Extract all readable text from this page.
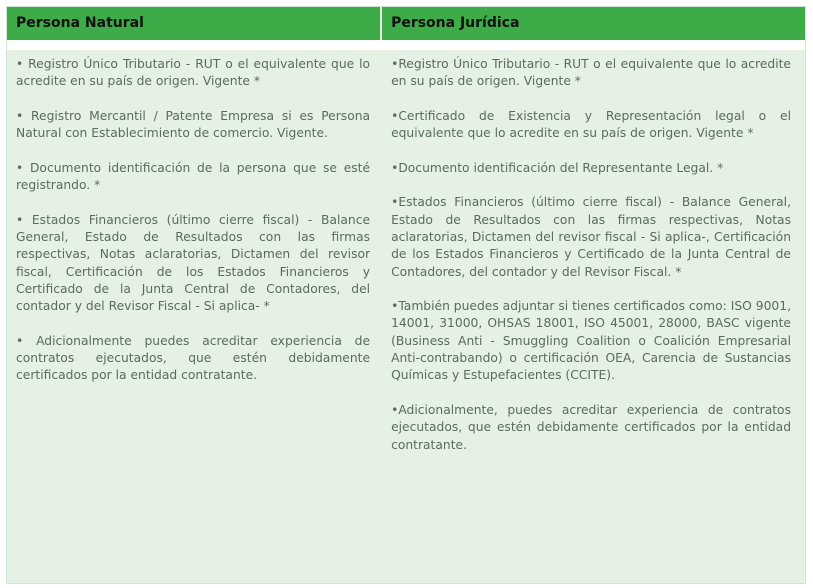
Persona Natural	Persona Jurídica

• Registro Único Tributario - RUT o el equivalente que lo acredite en su país de origen. Vigente *

• Registro Mercantil / Patente Empresa si es Persona Natural con Establecimiento de comercio. Vigente.

• Documento identificación de la persona que se esté registrando. *

• Estados Financieros (último cierre fiscal) - Balance General, Estado de Resultados con las firmas respectivas, Notas aclaratorias, Dictamen del revisor fiscal, Certificación de los Estados Financieros y Certificado de la Junta Central de Contadores, del contador y del Revisor Fiscal - Si aplica- *

• Adicionalmente puedes acreditar experiencia de contratos ejecutados, que estén debidamente certificados por la entidad contratante.

•Registro Único Tributario - RUT o el equivalente que lo acredite en su país de origen. Vigente *

•Certificado de Existencia y Representación legal o el equivalente que lo acredite en su país de origen. Vigente *

•Documento identificación del Representante Legal. *

•Estados Financieros (último cierre fiscal) - Balance General, Estado de Resultados con las firmas respectivas, Notas aclaratorias, Dictamen del revisor fiscal - Si aplica-, Certificación de los Estados Financieros y Certificado de la Junta Central de Contadores, del contador y del Revisor Fiscal. *

•También puedes adjuntar si tienes certificados como: ISO 9001, 14001, 31000, OHSAS 18001, ISO 45001, 28000, BASC vigente (Business Anti - Smuggling Coalition o Coalición Empresarial Anti-contrabando) o certificación OEA, Carencia de Sustancias Químicas y Estupefacientes (CCITE).

•Adicionalmente, puedes acreditar experiencia de contratos ejecutados, que estén debidamente certificados por la entidad contratante.
